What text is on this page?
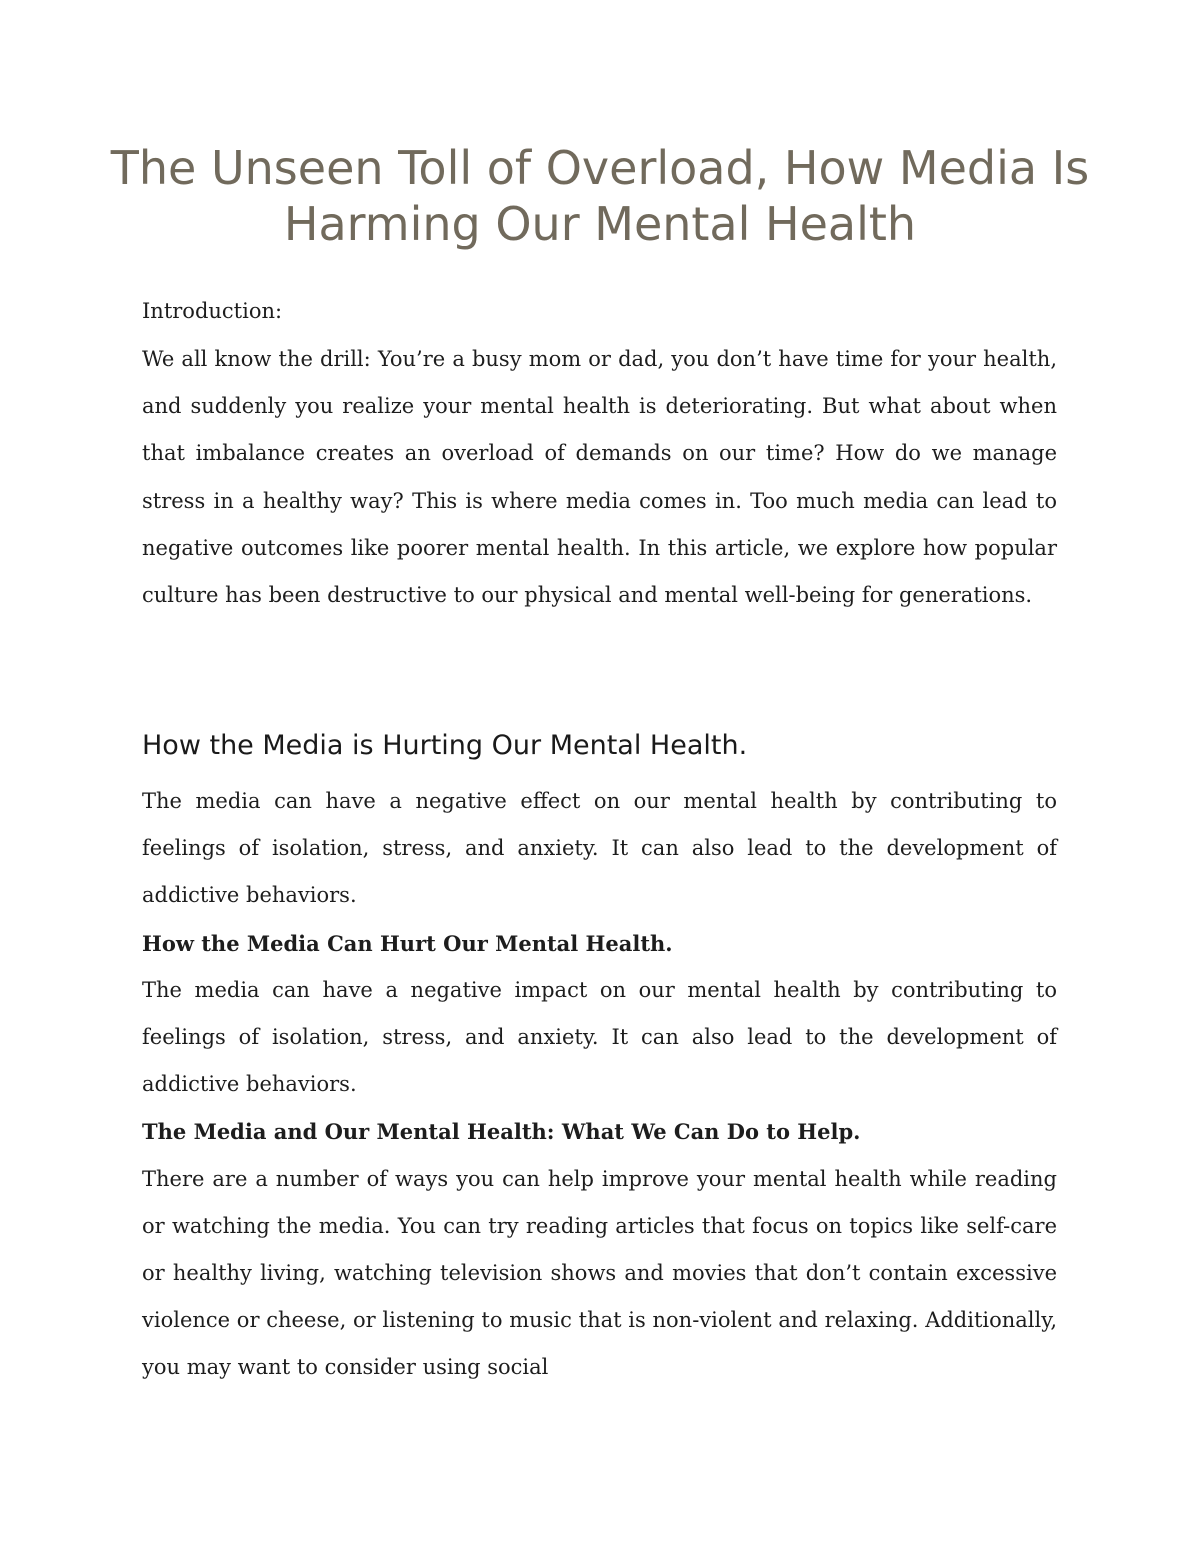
The Unseen Toll of Overload, How Media Is Harming Our Mental Health

Introduction:

We all know the drill: You’re a busy mom or dad, you don’t have time for your health, and suddenly you realize your mental health is deteriorating. But what about when that imbalance creates an overload of demands on our time? How do we manage stress in a healthy way? This is where media comes in. Too much media can lead to negative outcomes like poorer mental health. In this article, we explore how popular culture has been destructive to our physical and mental well-being for generations.

How the Media is Hurting Our Mental Health.

The media can have a negative effect on our mental health by contributing to feelings of isolation, stress, and anxiety. It can also lead to the development of addictive behaviors.

How the Media Can Hurt Our Mental Health.

The media can have a negative impact on our mental health by contributing to feelings of isolation, stress, and anxiety. It can also lead to the development of addictive behaviors.

The Media and Our Mental Health: What We Can Do to Help.

There are a number of ways you can help improve your mental health while reading or watching the media. You can try reading articles that focus on topics like self-care or healthy living, watching television shows and movies that don’t contain excessive violence or cheese, or listening to music that is non-violent and relaxing. Additionally, you may want to consider using social
